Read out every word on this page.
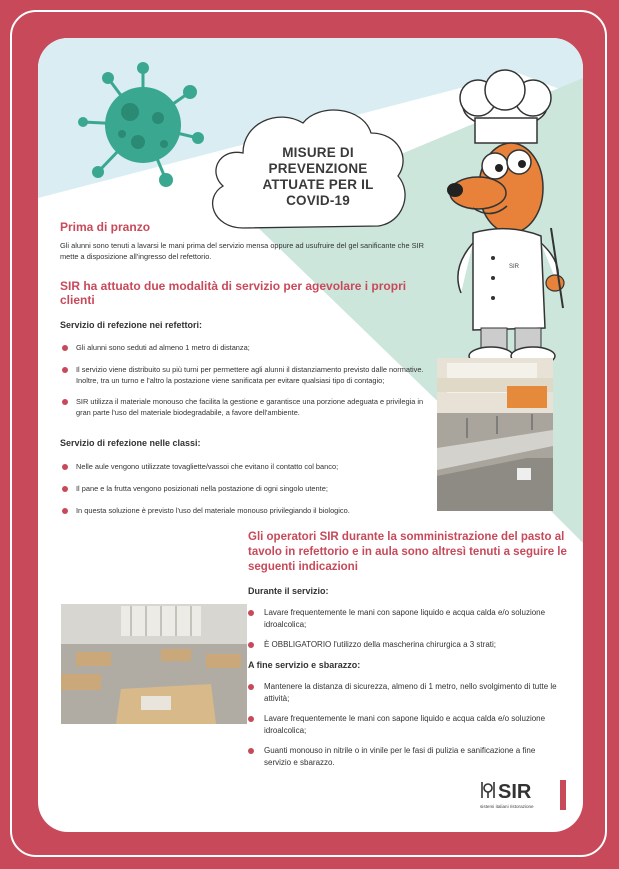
MISURE DI
PREVENZIONE
ATTUATE PER IL
COVID-19
SIR
Prima di pranzo
Gli alunni sono tenuti a lavarsi le mani prima del servizio mensa oppure ad usufruire del gel sanificante che SIR mette a disposizione all'ingresso del refettorio.
SIR ha attuato due modalità di servizio per agevolare i propri clienti
Servizio di refezione nei refettori:
Gli alunni sono seduti ad almeno 1 metro di distanza;
Il servizio viene distribuito su più turni per permettere agli alunni il distanziamento previsto dalle normative. Inoltre, tra un turno e l'altro la postazione viene sanificata per evitare qualsiasi tipo di contagio;
SIR utilizza il materiale monouso che facilita la gestione e garantisce una porzione adeguata e privilegia in gran parte l'uso del materiale biodegradabile, a favore dell'ambiente.
Servizio di refezione nelle classi:
Nelle aule vengono utilizzate tovagliette/vassoi che evitano il contatto col banco;
Il pane e la frutta vengono posizionati nella postazione di ogni singolo utente;
In questa soluzione è previsto l'uso del materiale monouso privilegiando il biologico.
Gli operatori SIR durante la somministrazione del pasto al tavolo in refettorio e in aula sono altresì tenuti a seguire le seguenti indicazioni
Durante il servizio:
Lavare frequentemente le mani con sapone liquido e acqua calda e/o soluzione idroalcolica;
È OBBLIGATORIO l'utilizzo della mascherina chirurgica a 3 strati;
A fine servizio e sbarazzo:
Mantenere la distanza di sicurezza, almeno di 1 metro, nello svolgimento di tutte le attività;
Lavare frequentemente le mani con sapone liquido e acqua calda e/o soluzione idroalcolica;
Guanti monouso in nitrile o in vinile per le fasi di pulizia e sanificazione a fine servizio e sbarazzo.
SIR
sistemi italiani ristorazione
